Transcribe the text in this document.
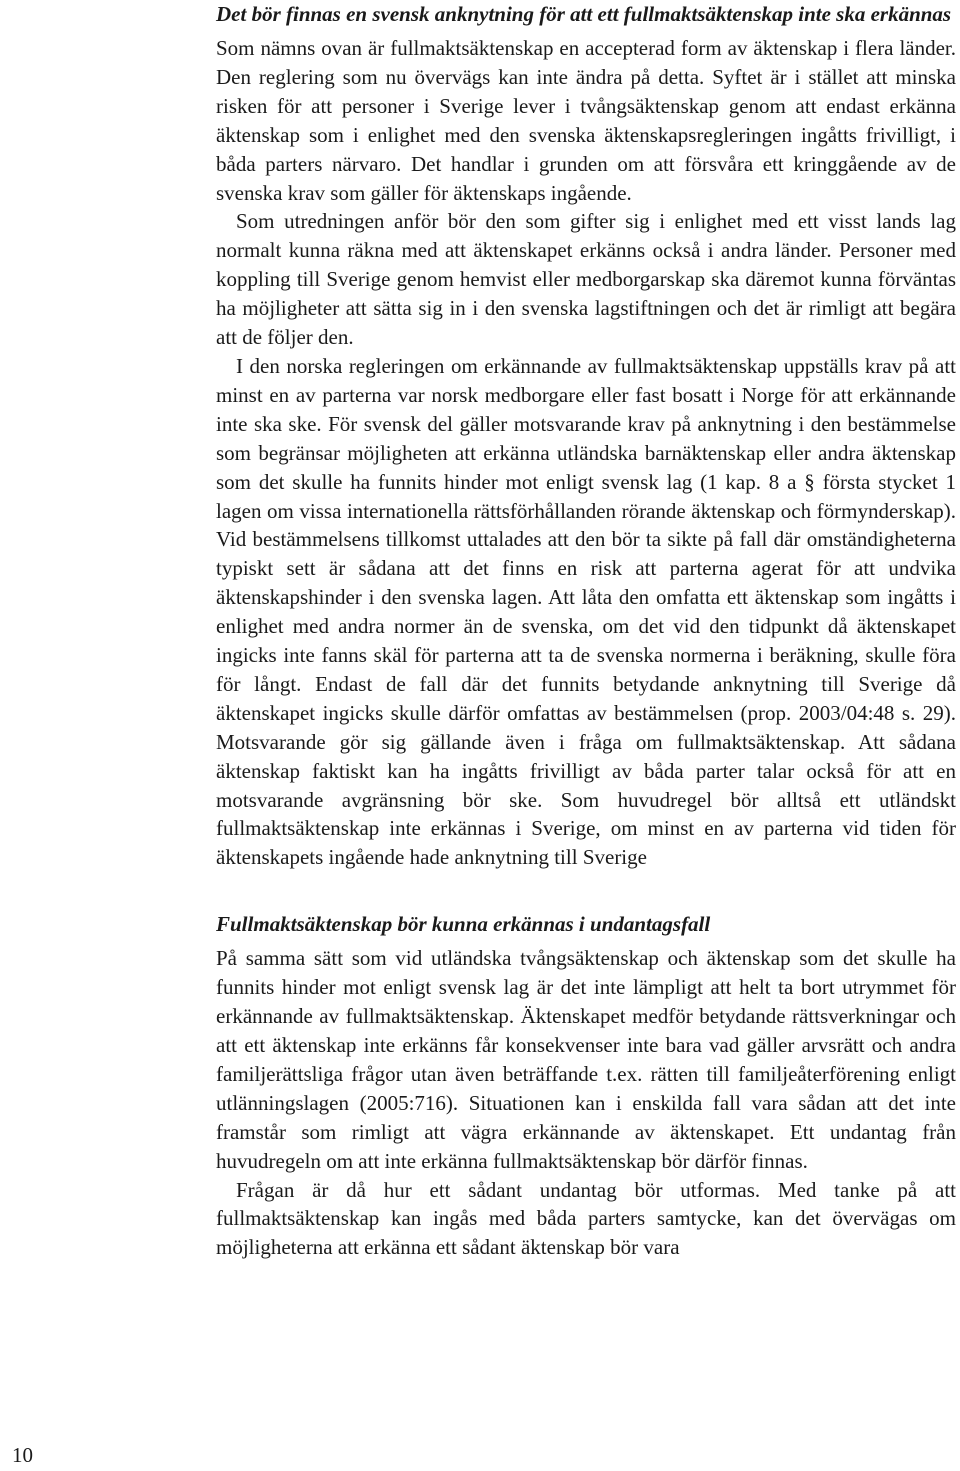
Det bör finnas en svensk anknytning för att ett fullmaktsäktenskap inte ska erkännas

Som nämns ovan är fullmaktsäktenskap en accepterad form av äktenskap i flera länder. Den reglering som nu övervägs kan inte ändra på detta. Syftet är i stället att minska risken för att personer i Sverige lever i tvångsäktenskap genom att endast erkänna äktenskap som i enlighet med den svenska äktenskapsregleringen ingåtts frivilligt, i båda parters närvaro. Det handlar i grunden om att försvåra ett kringgående av de svenska krav som gäller för äktenskaps ingående.

Som utredningen anför bör den som gifter sig i enlighet med ett visst lands lag normalt kunna räkna med att äktenskapet erkänns också i andra länder. Personer med koppling till Sverige genom hemvist eller medborgarskap ska däremot kunna förväntas ha möjligheter att sätta sig in i den svenska lagstiftningen och det är rimligt att begära att de följer den.

I den norska regleringen om erkännande av fullmaktsäktenskap uppställs krav på att minst en av parterna var norsk medborgare eller fast bosatt i Norge för att erkännande inte ska ske. För svensk del gäller motsvarande krav på anknytning i den bestämmelse som begränsar möjligheten att erkänna utländska barnäktenskap eller andra äktenskap som det skulle ha funnits hinder mot enligt svensk lag (1 kap. 8 a § första stycket 1 lagen om vissa internationella rättsförhållanden rörande äktenskap och förmynderskap). Vid bestämmelsens tillkomst uttalades att den bör ta sikte på fall där omständigheterna typiskt sett är sådana att det finns en risk att parterna agerat för att undvika äktenskapshinder i den svenska lagen. Att låta den omfatta ett äktenskap som ingåtts i enlighet med andra normer än de svenska, om det vid den tidpunkt då äktenskapet ingicks inte fanns skäl för parterna att ta de svenska normerna i beräkning, skulle föra för långt. Endast de fall där det funnits betydande anknytning till Sverige då äktenskapet ingicks skulle därför omfattas av bestämmelsen (prop. 2003/04:48 s. 29). Motsvarande gör sig gällande även i fråga om fullmaktsäktenskap. Att sådana äktenskap faktiskt kan ha ingåtts frivilligt av båda parter talar också för att en motsvarande avgränsning bör ske. Som huvudregel bör alltså ett utländskt fullmaktsäktenskap inte erkännas i Sverige, om minst en av parterna vid tiden för äktenskapets ingående hade anknytning till Sverige

Fullmaktsäktenskap bör kunna erkännas i undantagsfall

På samma sätt som vid utländska tvångsäktenskap och äktenskap som det skulle ha funnits hinder mot enligt svensk lag är det inte lämpligt att helt ta bort utrymmet för erkännande av fullmaktsäktenskap. Äktenskapet medför betydande rättsverkningar och att ett äktenskap inte erkänns får konsekvenser inte bara vad gäller arvsrätt och andra familjerättsliga frågor utan även beträffande t.ex. rätten till familjeåterförening enligt utlänningslagen (2005:716). Situationen kan i enskilda fall vara sådan att det inte framstår som rimligt att vägra erkännande av äktenskapet. Ett undantag från huvudregeln om att inte erkänna fullmaktsäktenskap bör därför finnas.

Frågan är då hur ett sådant undantag bör utformas. Med tanke på att fullmaktsäktenskap kan ingås med båda parters samtycke, kan det övervägas om möjligheterna att erkänna ett sådant äktenskap bör vara

10
